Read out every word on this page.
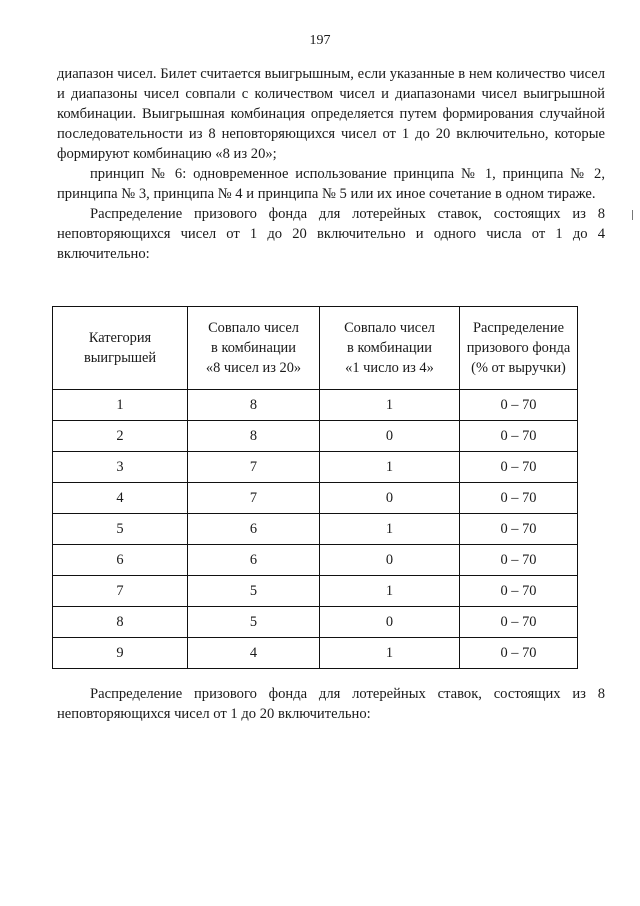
197

диапазон чисел. Билет считается выигрышным, если указанные в нем количество чисел и диапазоны чисел совпали с количеством чисел и диапазонами чисел выигрышной комбинации. Выигрышная комбинация определяется путем формирования случайной последовательности из 8 неповторяющихся чисел от 1 до 20 включительно, которые формируют комбинацию «8 из 20»;

принцип № 6: одновременное использование принципа № 1, принципа № 2, принципа № 3, принципа № 4 и принципа № 5 или их иное сочетание в одном тираже.

Распределение призового фонда для лотерейных ставок, состоящих из 8 неповторяющихся чисел от 1 до 20 включительно и одного числа от 1 до 4 включительно:

Категория
выигрышей	Совпало чисел
в комбинации
«8 чисел из 20»	Совпало чисел
в комбинации
«1 число из 4»	Распределение
призового фонда
(% от выручки)

1	8	1	0 – 70
2	8	0	0 – 70
3	7	1	0 – 70
4	7	0	0 – 70
5	6	1	0 – 70
6	6	0	0 – 70
7	5	1	0 – 70
8	5	0	0 – 70
9	4	1	0 – 70

Распределение призового фонда для лотерейных ставок, состоящих из 8 неповторяющихся чисел от 1 до 20 включительно:
